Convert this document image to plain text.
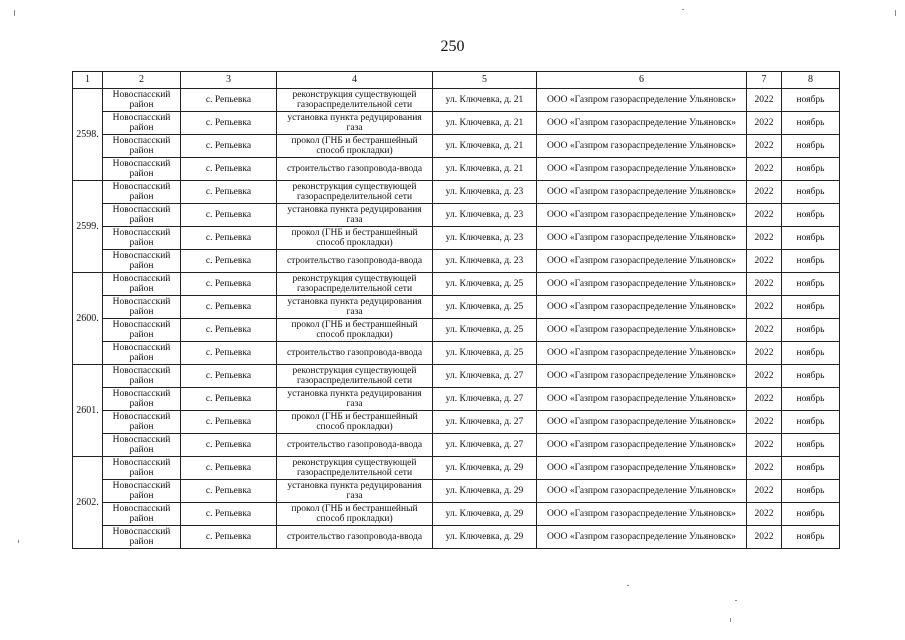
250
1	2	3	4	5	6	7	8
2598.	Новоспасский район	с. Репьевка	реконструкция существующей газораспределительной сети	ул. Ключевка, д. 21	ООО «Газпром газораспределение Ульяновск»	2022	ноябрь
	Новоспасский район	с. Репьевка	установка пункта редуцирования газа	ул. Ключевка, д. 21	ООО «Газпром газораспределение Ульяновск»	2022	ноябрь
	Новоспасский район	с. Репьевка	прокол (ГНБ и бестраншейный способ прокладки)	ул. Ключевка, д. 21	ООО «Газпром газораспределение Ульяновск»	2022	ноябрь
	Новоспасский район	с. Репьевка	строительство газопровода-ввода	ул. Ключевка, д. 21	ООО «Газпром газораспределение Ульяновск»	2022	ноябрь
2599.	Новоспасский район	с. Репьевка	реконструкция существующей газораспределительной сети	ул. Ключевка, д. 23	ООО «Газпром газораспределение Ульяновск»	2022	ноябрь
	Новоспасский район	с. Репьевка	установка пункта редуцирования газа	ул. Ключевка, д. 23	ООО «Газпром газораспределение Ульяновск»	2022	ноябрь
	Новоспасский район	с. Репьевка	прокол (ГНБ и бестраншейный способ прокладки)	ул. Ключевка, д. 23	ООО «Газпром газораспределение Ульяновск»	2022	ноябрь
	Новоспасский район	с. Репьевка	строительство газопровода-ввода	ул. Ключевка, д. 23	ООО «Газпром газораспределение Ульяновск»	2022	ноябрь
2600.	Новоспасский район	с. Репьевка	реконструкция существующей газораспределительной сети	ул. Ключевка, д. 25	ООО «Газпром газораспределение Ульяновск»	2022	ноябрь
	Новоспасский район	с. Репьевка	установка пункта редуцирования газа	ул. Ключевка, д. 25	ООО «Газпром газораспределение Ульяновск»	2022	ноябрь
	Новоспасский район	с. Репьевка	прокол (ГНБ и бестраншейный способ прокладки)	ул. Ключевка, д. 25	ООО «Газпром газораспределение Ульяновск»	2022	ноябрь
	Новоспасский район	с. Репьевка	строительство газопровода-ввода	ул. Ключевка, д. 25	ООО «Газпром газораспределение Ульяновск»	2022	ноябрь
2601.	Новоспасский район	с. Репьевка	реконструкция существующей газораспределительной сети	ул. Ключевка, д. 27	ООО «Газпром газораспределение Ульяновск»	2022	ноябрь
	Новоспасский район	с. Репьевка	установка пункта редуцирования газа	ул. Ключевка, д. 27	ООО «Газпром газораспределение Ульяновск»	2022	ноябрь
	Новоспасский район	с. Репьевка	прокол (ГНБ и бестраншейный способ прокладки)	ул. Ключевка, д. 27	ООО «Газпром газораспределение Ульяновск»	2022	ноябрь
	Новоспасский район	с. Репьевка	строительство газопровода-ввода	ул. Ключевка, д. 27	ООО «Газпром газораспределение Ульяновск»	2022	ноябрь
2602.	Новоспасский район	с. Репьевка	реконструкция существующей газораспределительной сети	ул. Ключевка, д. 29	ООО «Газпром газораспределение Ульяновск»	2022	ноябрь
	Новоспасский район	с. Репьевка	установка пункта редуцирования газа	ул. Ключевка, д. 29	ООО «Газпром газораспределение Ульяновск»	2022	ноябрь
	Новоспасский район	с. Репьевка	прокол (ГНБ и бестраншейный способ прокладки)	ул. Ключевка, д. 29	ООО «Газпром газораспределение Ульяновск»	2022	ноябрь
	Новоспасский район	с. Репьевка	строительство газопровода-ввода	ул. Ключевка, д. 29	ООО «Газпром газораспределение Ульяновск»	2022	ноябрь
